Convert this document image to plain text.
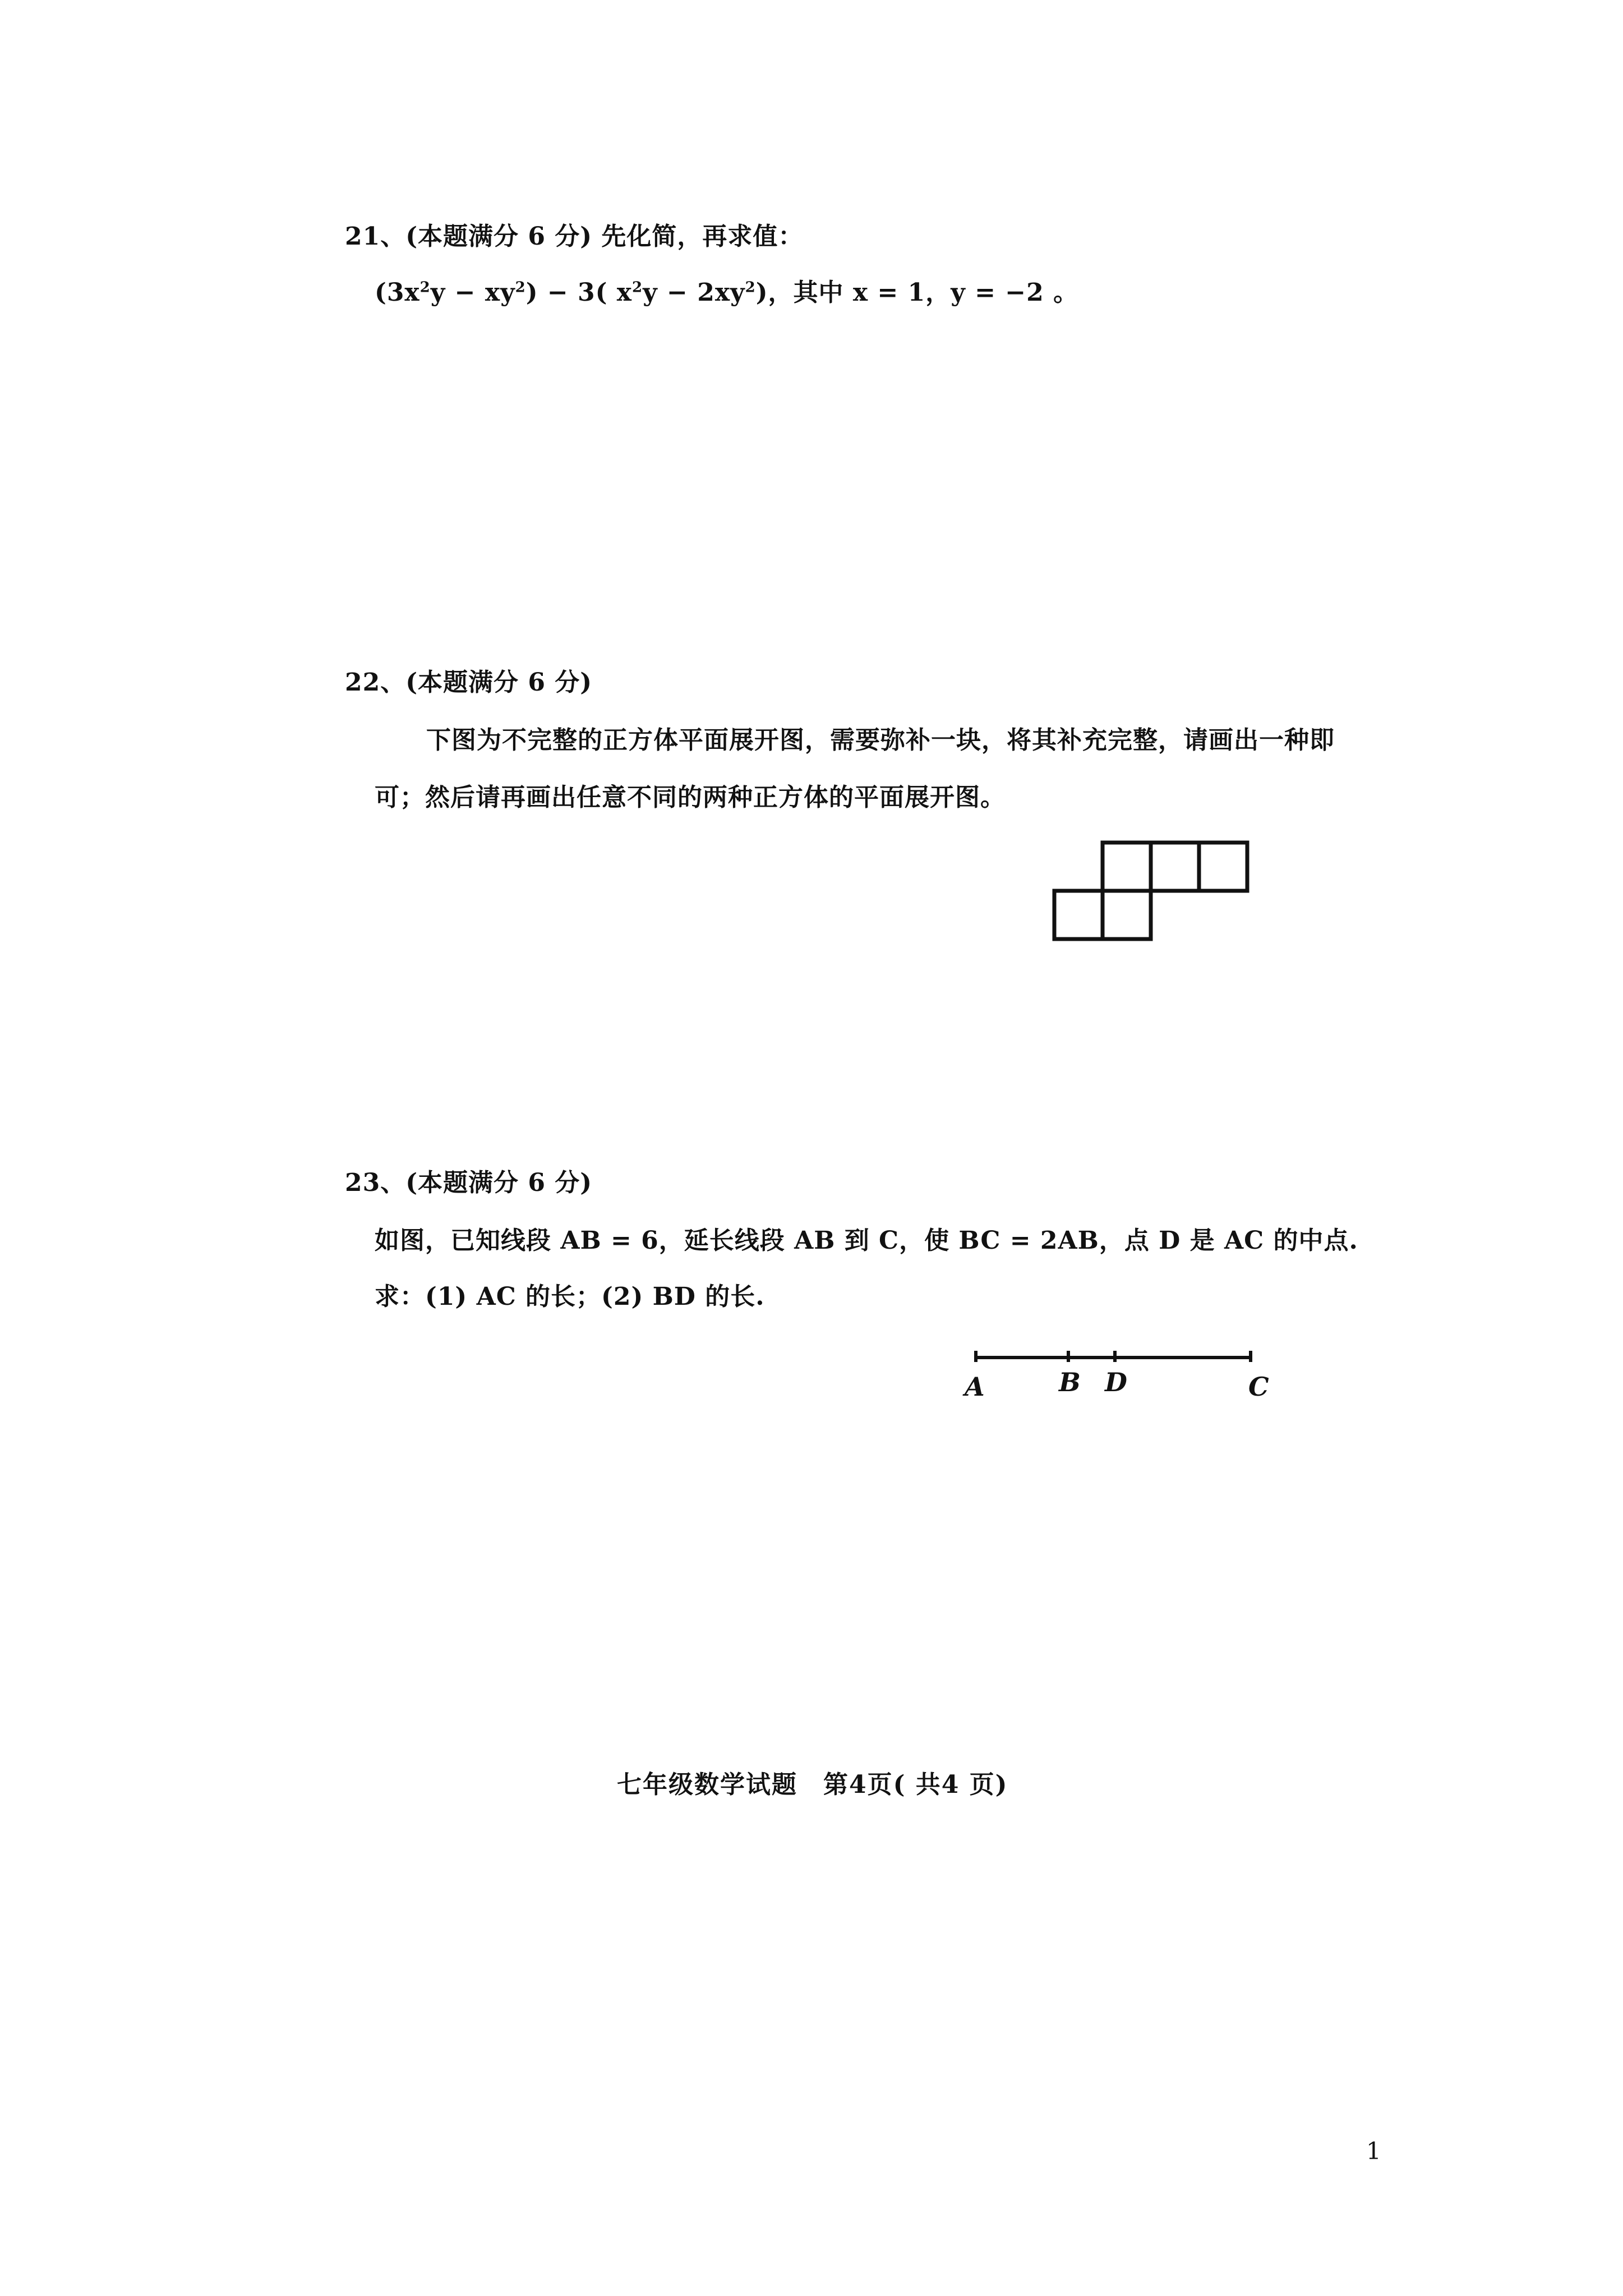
21、(本题满分 6 分) 先化简，再求值：
$(3x^2y - xy^2) - 3$( $x^2y - 2xy^2$)，其中 x = 1，y = −2 。
22、(本题满分 6 分)
下图为不完整的正方体平面展开图，需要弥补一块，将其补充完整，请画出一种即
可；然后请再画出任意不同的两种正方体的平面展开图。
23、(本题满分 6 分)
如图，已知线段 AB = 6，延长线段 AB 到 C，使 BC = 2AB，点 D 是 AC 的中点.
求：(1) AC 的长；(2) BD 的长.
A	B D	C
七年级数学试题　第4页( 共4 页)
1
